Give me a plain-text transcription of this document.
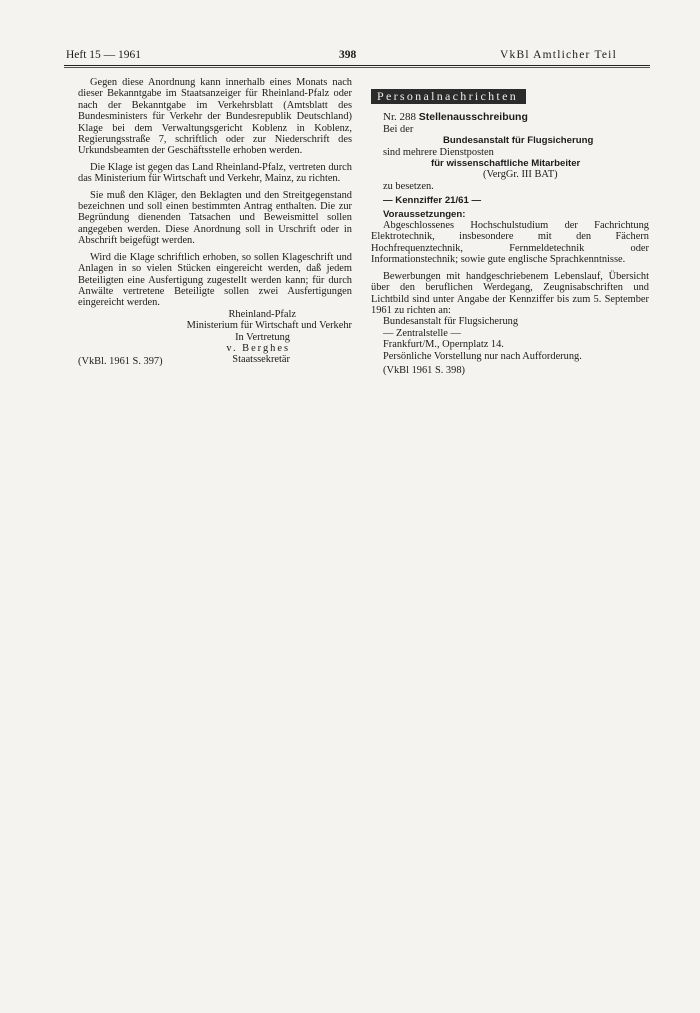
Heft 15 — 1961	398	VkBl Amtlicher Teil

Gegen diese Anordnung kann innerhalb eines Monats nach dieser Bekanntgabe im Staatsanzeiger für Rheinland-Pfalz oder nach der Bekanntgabe im Verkehrsblatt (Amtsblatt des Bundesministers für Verkehr der Bundesrepublik Deutschland) Klage bei dem Verwaltungsgericht Koblenz in Koblenz, Regierungsstraße 7, schriftlich oder zur Niederschrift des Urkundsbeamten der Geschäftsstelle erhoben werden.

Die Klage ist gegen das Land Rheinland-Pfalz, vertreten durch das Ministerium für Wirtschaft und Verkehr, Mainz, zu richten.

Sie muß den Kläger, den Beklagten und den Streitgegenstand bezeichnen und soll einen bestimmten Antrag enthalten. Die zur Begründung dienenden Tatsachen und Beweismittel sollen angegeben werden. Diese Anordnung soll in Urschrift oder in Abschrift beigefügt werden.

Wird die Klage schriftlich erhoben, so sollen Klageschrift und Anlagen in so vielen Stücken eingereicht werden, daß jedem Beteiligten eine Ausfertigung zugestellt werden kann; für durch Anwälte vertretene Beteiligte sollen zwei Ausfertigungen eingereicht werden.

Rheinland-Pfalz
Ministerium für Wirtschaft und Verkehr
In Vertretung
v. Berghes
Staatssekretär
(VkBl. 1961 S. 397)
Personalnachrichten

Nr. 288 Stellenausschreibung

Bei der

Bundesanstalt für Flugsicherung

sind mehrere Dienstposten

für wissenschaftliche Mitarbeiter

(VergGr. III BAT)

zu besetzen.

— Kennziffer 21/61 —

Voraussetzungen:

Abgeschlossenes Hochschulstudium der Fachrichtung Elektrotechnik, insbesondere mit den Fächern Hochfrequenztechnik, Fernmeldetechnik oder Informationstechnik; sowie gute englische Sprachkenntnisse.

Bewerbungen mit handgeschriebenem Lebenslauf, Übersicht über den beruflichen Werdegang, Zeugnisabschriften und Lichtbild sind unter Angabe der Kennziffer bis zum 5. September 1961 zu richten an:

Bundesanstalt für Flugsicherung

— Zentralstelle —

Frankfurt/M., Opernplatz 14.

Persönliche Vorstellung nur nach Aufforderung.

(VkBl 1961 S. 398)
